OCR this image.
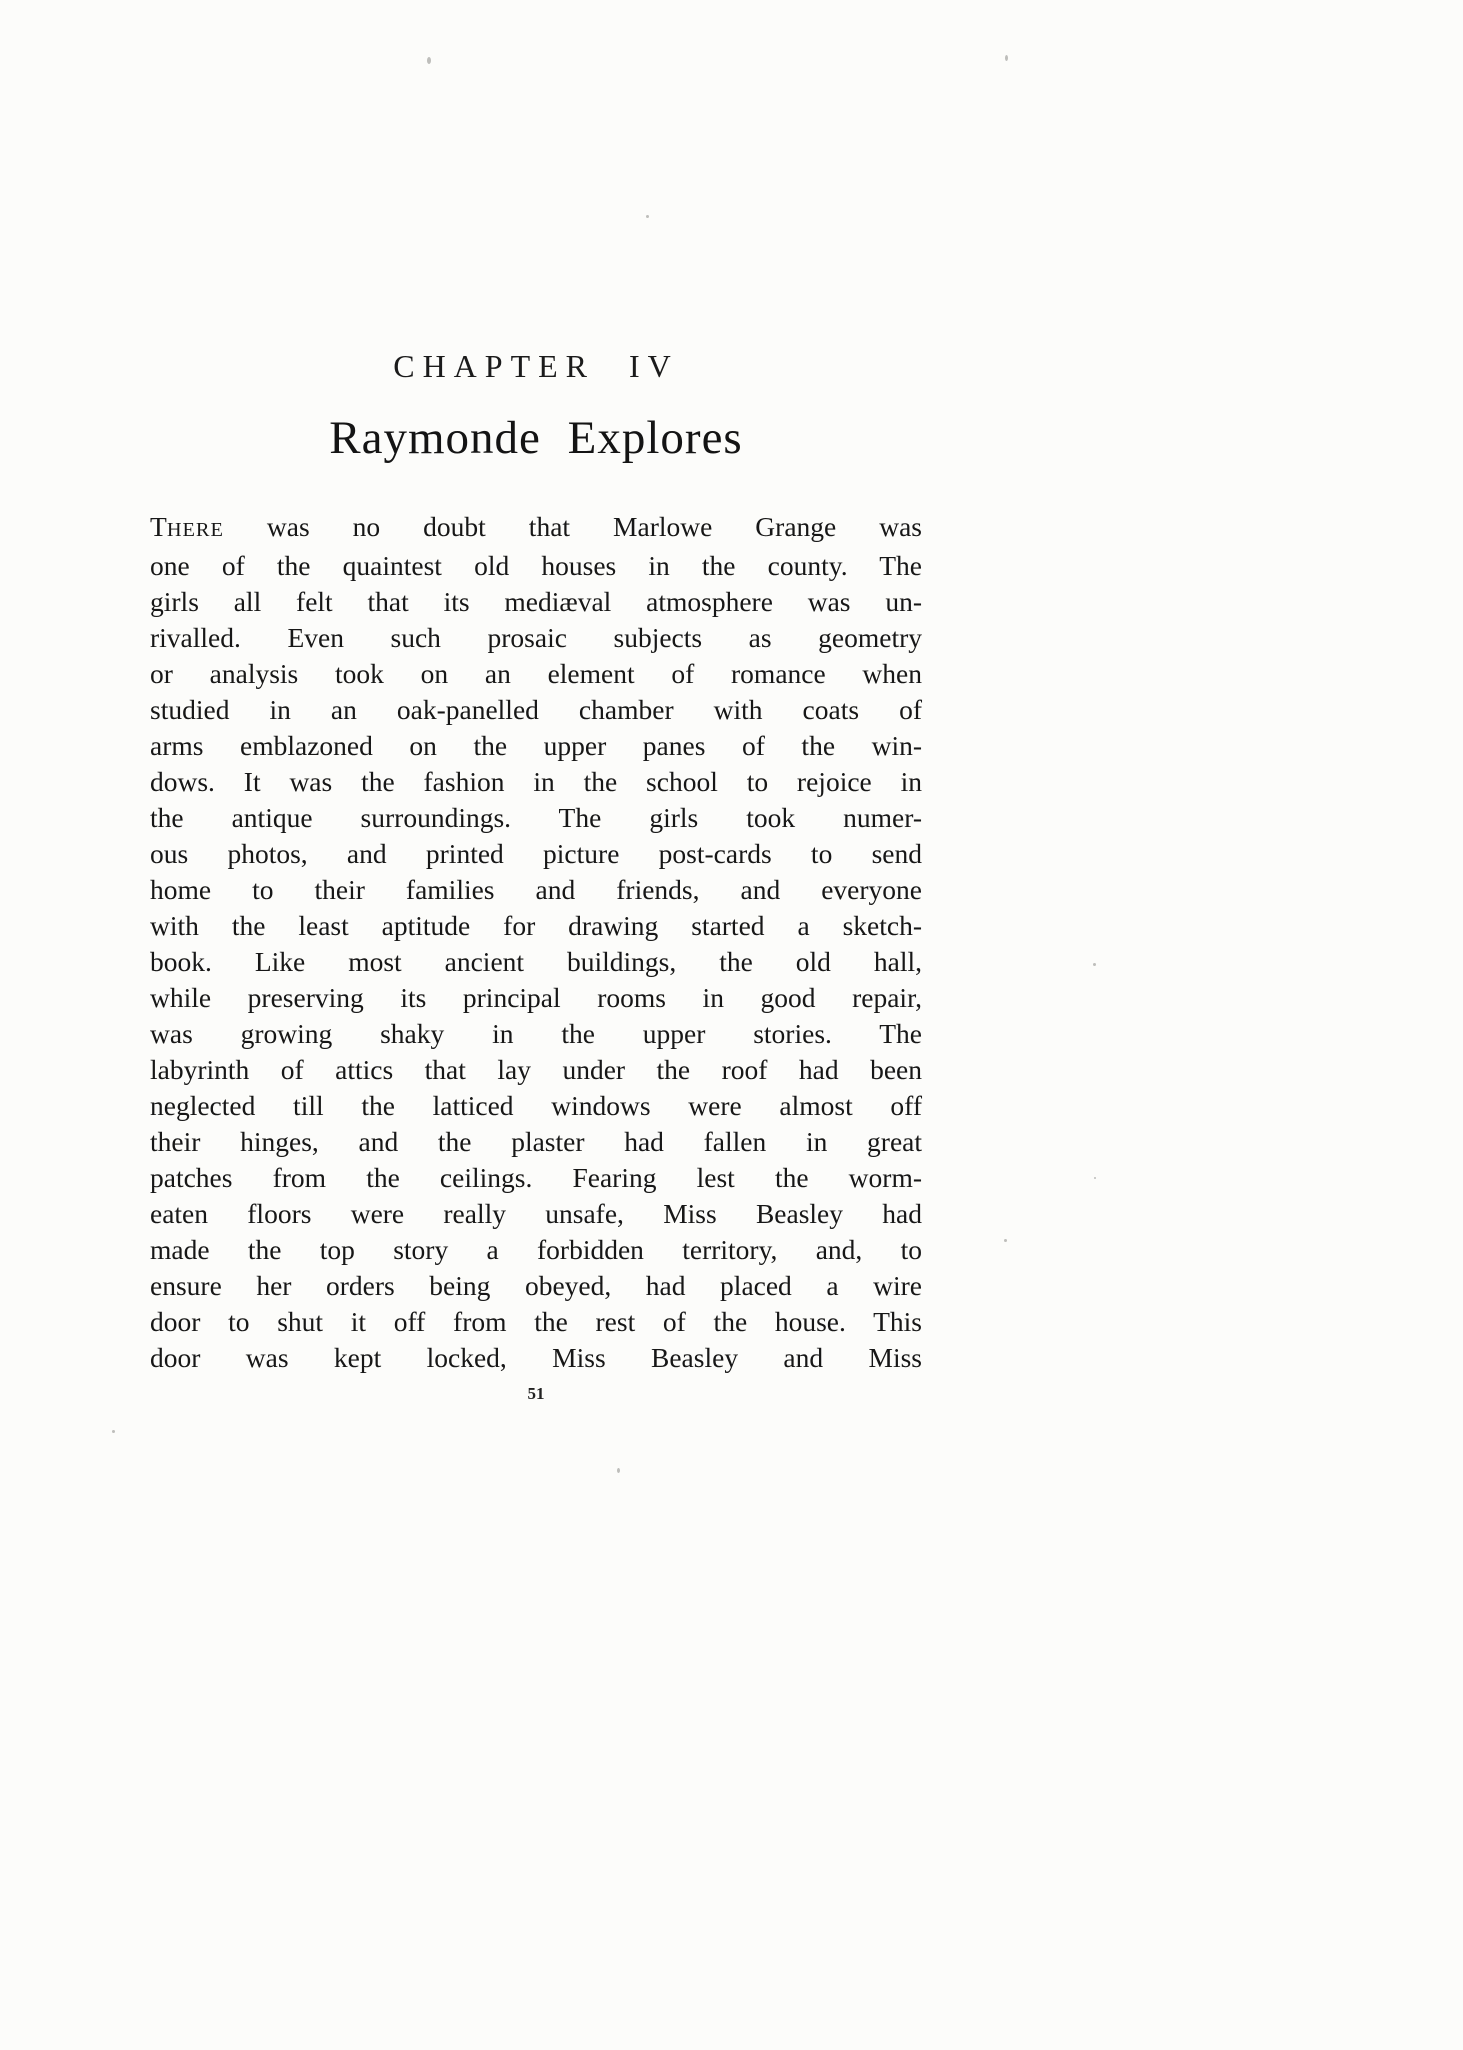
CHAPTER IV
Raymonde Explores

THERE was no doubt that Marlowe Grange was

one of the quaintest old houses in the county. The

girls all felt that its mediæval atmosphere was un-

rivalled. Even such prosaic subjects as geometry

or analysis took on an element of romance when

studied in an oak-panelled chamber with coats of

arms emblazoned on the upper panes of the win-

dows. It was the fashion in the school to rejoice in

the antique surroundings. The girls took numer-

ous photos, and printed picture post-cards to send

home to their families and friends, and everyone

with the least aptitude for drawing started a sketch-

book. Like most ancient buildings, the old hall,

while preserving its principal rooms in good repair,

was growing shaky in the upper stories. The

labyrinth of attics that lay under the roof had been

neglected till the latticed windows were almost off

their hinges, and the plaster had fallen in great

patches from the ceilings. Fearing lest the worm-

eaten floors were really unsafe, Miss Beasley had

made the top story a forbidden territory, and, to

ensure her orders being obeyed, had placed a wire

door to shut it off from the rest of the house. This

door was kept locked, Miss Beasley and Miss

51
